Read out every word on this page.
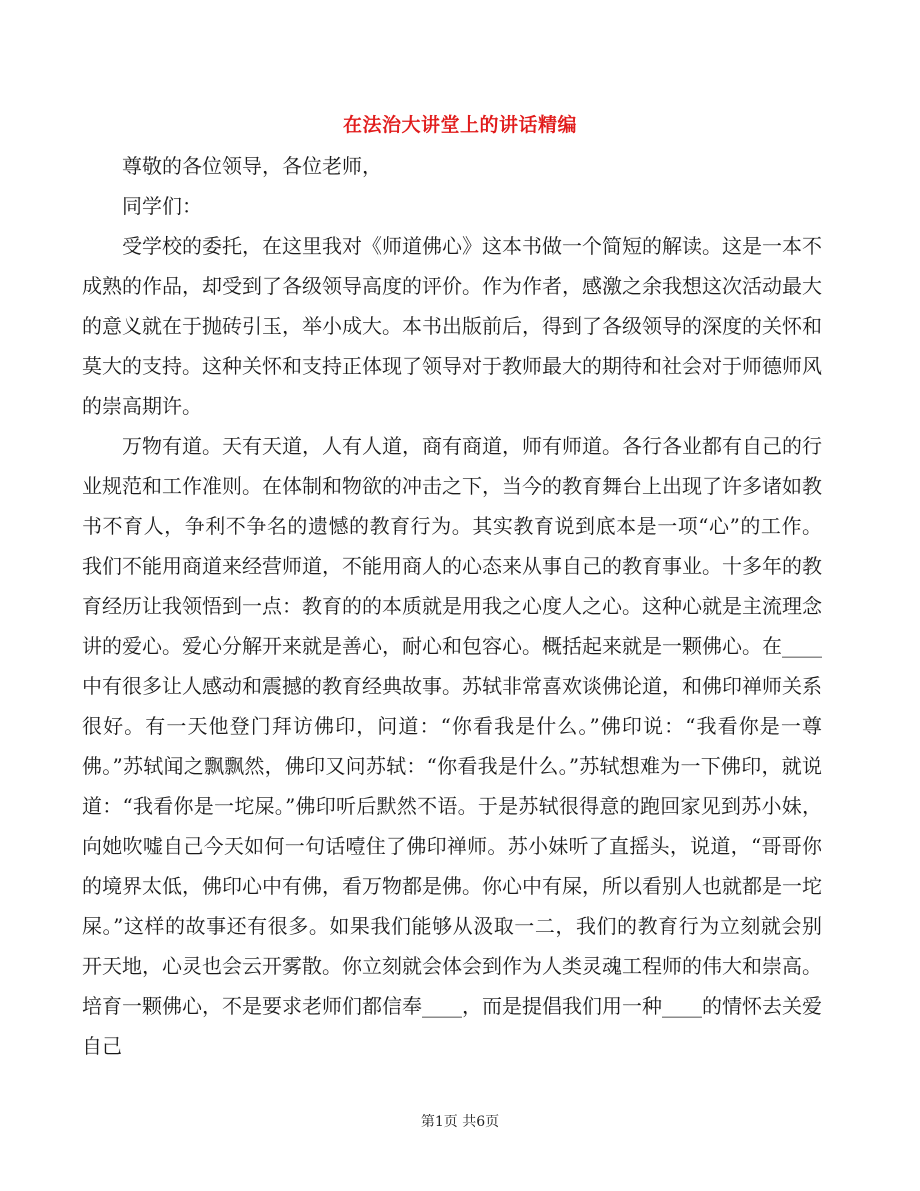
在法治大讲堂上的讲话精编

尊敬的各位领导，各位老师，

同学们：

受学校的委托，在这里我对《师道佛心》这本书做一个简短的解读。这是一本不成熟的作品，却受到了各级领导高度的评价。作为作者，感激之余我想这次活动最大的意义就在于抛砖引玉，举小成大。本书出版前后，得到了各级领导的深度的关怀和莫大的支持。这种关怀和支持正体现了领导对于教师最大的期待和社会对于师德师风的崇高期许。

万物有道。天有天道，人有人道，商有商道，师有师道。各行各业都有自己的行业规范和工作准则。在体制和物欲的冲击之下，当今的教育舞台上出现了许多诸如教书不育人，争利不争名的遗憾的教育行为。其实教育说到底本是一项“心”的工作。我们不能用商道来经营师道，不能用商人的心态来从事自己的教育事业。十多年的教育经历让我领悟到一点：教育的的本质就是用我之心度人之心。这种心就是主流理念讲的爱心。爱心分解开来就是善心，耐心和包容心。概括起来就是一颗佛心。在____中有很多让人感动和震撼的教育经典故事。苏轼非常喜欢谈佛论道，和佛印禅师关系很好。有一天他登门拜访佛印，问道：“你看我是什么。”佛印说：“我看你是一尊佛。”苏轼闻之飘飘然，佛印又问苏轼：“你看我是什么。”苏轼想难为一下佛印，就说道：“我看你是一坨屎。”佛印听后默然不语。于是苏轼很得意的跑回家见到苏小妹，向她吹嘘自己今天如何一句话噎住了佛印禅师。苏小妹听了直摇头，说道，“哥哥你的境界太低，佛印心中有佛，看万物都是佛。你心中有屎，所以看别人也就都是一坨屎。”这样的故事还有很多。如果我们能够从汲取一二，我们的教育行为立刻就会别开天地，心灵也会云开雾散。你立刻就会体会到作为人类灵魂工程师的伟大和崇高。培育一颗佛心，不是要求老师们都信奉____，而是提倡我们用一种____的情怀去关爱自己

第1页 共6页
